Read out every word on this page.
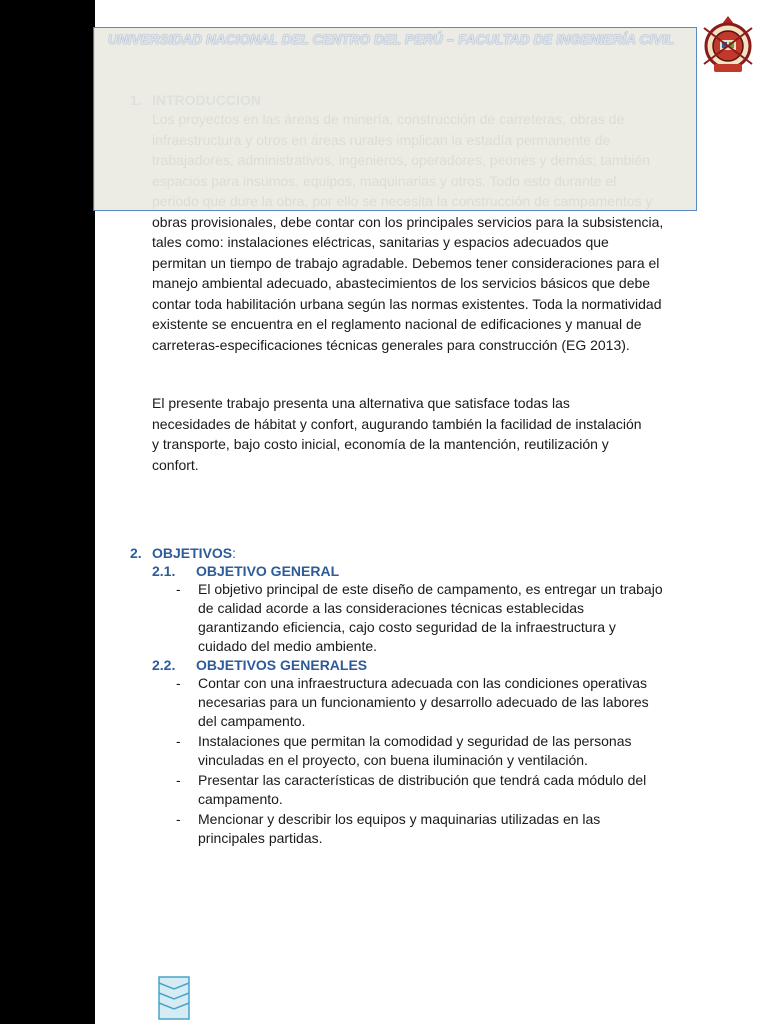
obras provisionales, debe contar con los principales servicios para la subsistencia, tales como: instalaciones eléctricas, sanitarias y espacios adecuados que permitan un tiempo de trabajo agradable. Debemos tener consideraciones para el manejo ambiental adecuado, abastecimientos de los servicios básicos que debe contar toda habilitación urbana según las normas existentes. Toda la normatividad existente se encuentra en el reglamento nacional de edificaciones y manual de carreteras-especificaciones técnicas generales para construcción (EG 2013).
El presente trabajo presenta una alternativa que satisface todas las necesidades de hábitat y confort, augurando también la facilidad de instalación y transporte, bajo costo inicial, economía de la mantención, reutilización y confort.
UNIVERSIDAD NACIONAL DEL CENTRO DEL PERÚ – FACULTAD DE INGENIERÍA CIVIL
2. OBJETIVOS:
2.1. OBJETIVO GENERAL
- El objetivo principal de este diseño de campamento, es entregar un trabajo de calidad acorde a las consideraciones técnicas establecidas garantizando eficiencia, cajo costo seguridad de la infraestructura y cuidado del medio ambiente.
2.2. OBJETIVOS GENERALES
- Contar con una infraestructura adecuada con las condiciones operativas necesarias para un funcionamiento y desarrollo adecuado de las labores del campamento.
- Instalaciones que permitan la comodidad y seguridad de las personas vinculadas en el proyecto, con buena iluminación y ventilación.
- Presentar las características de distribución que tendrá cada módulo del campamento.
- Mencionar y describir los equipos y maquinarias utilizadas en las principales partidas.
